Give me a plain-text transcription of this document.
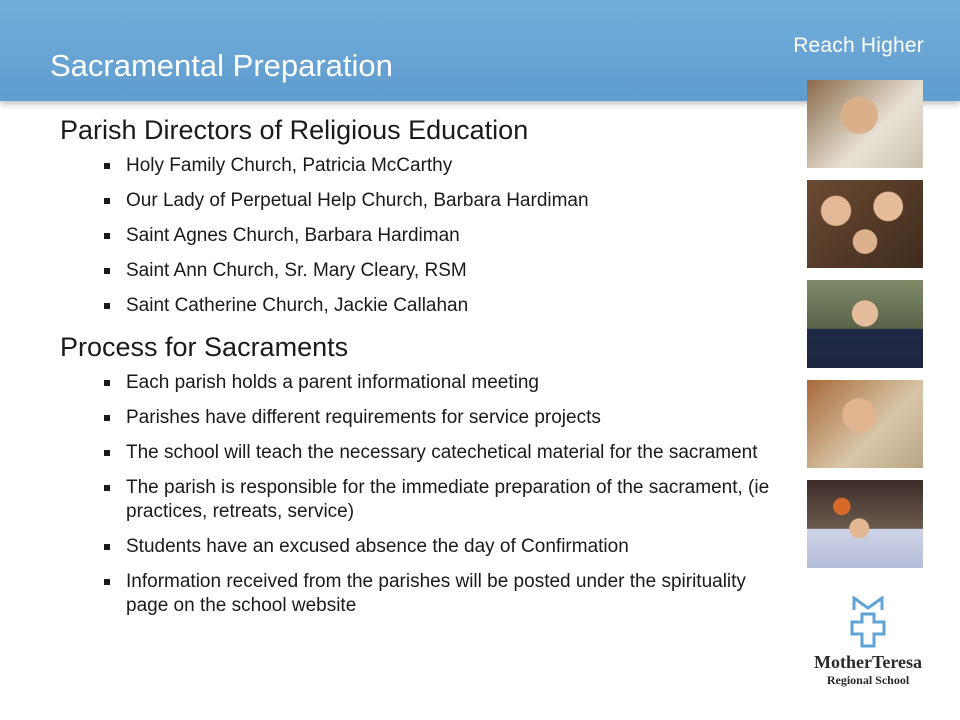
Sacramental Preparation
Reach Higher
Parish Directors of Religious Education
Holy Family Church, Patricia McCarthy
Our Lady of Perpetual Help Church, Barbara Hardiman
Saint Agnes Church, Barbara Hardiman
Saint Ann Church, Sr. Mary Cleary, RSM
Saint Catherine Church, Jackie Callahan
Process for Sacraments
Each parish holds a parent informational meeting
Parishes have different requirements for service projects
The school will teach the necessary catechetical material for the sacrament
The parish is responsible for the immediate preparation of the sacrament, (ie practices, retreats, service)
Students have an excused absence the day of Confirmation
Information received from the parishes will be posted under the spirituality page on the school website
MotherTeresa
Regional School
